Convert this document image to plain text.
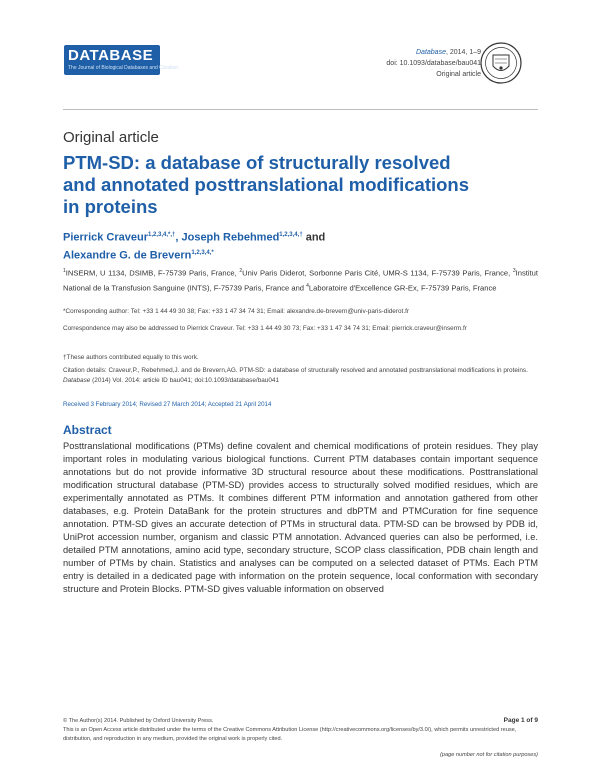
DATABASE
The Journal of Biological Databases and Curation
Database, 2014, 1–9
doi: 10.1093/database/bau041
Original article
Original article
PTM-SD: a database of structurally resolved and annotated posttranslational modifications in proteins
Pierrick Craveur$^{1,2,3,4,*,\dagger}$, Joseph Rebehmed$^{1,2,3,4,\dagger}$ and
Alexandre G. de Brevern$^{1,2,3,4,*}$
$^1$INSERM, U 1134, DSIMB, F-75739 Paris, France, $^2$Univ Paris Diderot, Sorbonne Paris Cité, UMR-S 1134, F-75739 Paris, France, $^3$Institut National de la Transfusion Sanguine (INTS), F-75739 Paris, France and $^4$Laboratoire d'Excellence GR-Ex, F-75739 Paris, France
*Corresponding author: Tel: +33 1 44 49 30 38; Fax: +33 1 47 34 74 31; Email: alexandre.de-brevern@univ-paris-diderot.fr
Correspondence may also be addressed to Pierrick Craveur. Tel: +33 1 44 49 30 73; Fax: +33 1 47 34 74 31; Email: pierrick.craveur@inserm.fr
†These authors contributed equally to this work.
Citation details: Craveur,P., Rebehmed,J. and de Brevern,AG. PTM-SD: a database of structurally resolved and annotated posttranslational modifications in proteins. Database (2014) Vol. 2014: article ID bau041; doi:10.1093/database/bau041
Received 3 February 2014; Revised 27 March 2014; Accepted 21 April 2014
Abstract
Posttranslational modifications (PTMs) define covalent and chemical modifications of protein residues. They play important roles in modulating various biological functions. Current PTM databases contain important sequence annotations but do not provide informative 3D structural resource about these modifications. Posttranslational modification structural database (PTM-SD) provides access to structurally solved modified residues, which are experimentally annotated as PTMs. It combines different PTM information and annotation gathered from other databases, e.g. Protein DataBank for the protein structures and dbPTM and PTMCuration for fine sequence annotation. PTM-SD gives an accurate detection of PTMs in structural data. PTM-SD can be browsed by PDB id, UniProt accession number, organism and classic PTM annotation. Advanced queries can also be performed, i.e. detailed PTM annotations, amino acid type, secondary structure, SCOP class classification, PDB chain length and number of PTMs by chain. Statistics and analyses can be computed on a selected dataset of PTMs. Each PTM entry is detailed in a dedicated page with information on the protein sequence, local conformation with secondary structure and Protein Blocks. PTM-SD gives valuable information on observed
© The Author(s) 2014. Published by Oxford University Press.
This is an Open Access article distributed under the terms of the Creative Commons Attribution License (http://creativecommons.org/licenses/by/3.0/), which permits unrestricted reuse, distribution, and reproduction in any medium, provided the original work is properly cited.
Page 1 of 9
(page number not for citation purposes)
